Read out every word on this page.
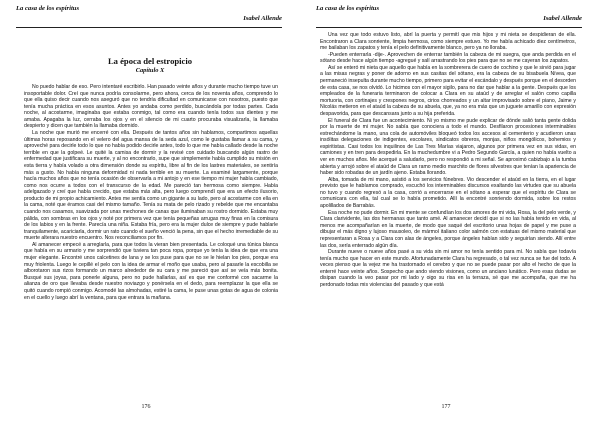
La casa de los espíritus
Isabel Allende
La época del estropicio
Capítulo X

No puedo hablar de eso. Pero intentaré escribirlo. Han pasado veinte años y durante mucho tiempo tuve un insoportable dolor. Creí que nunca podría consolarme, pero ahora, cerca de los noventa años, comprendo lo que ella quiso decir cuando nos aseguró que no tendría dificultad en comunicarse con nosotros, puesto que tenía mucha práctica en esos asuntos. Antes yo andaba como perdido, buscándola por todas partes. Cada noche, al acostarme, imaginaba que estaba conmigo, tal como era cuando tenía todos sus dientes y me amaba. Apagaba la luz, cerraba los ojos y en el silencio de mi cuarto procuraba visualizarla, la llamaba despierto y dicen que también la llamaba dormido.

La noche que murió me encerré con ella. Después de tantos años sin hablarnos, compartimos aquellas últimas horas reposando en el velero del agua mansa de la seda azul, como le gustaba llamar a su cama, y aproveché para decirle todo lo que no había podido decirle antes, todo lo que me había callado desde la noche terrible en que la golpeé. Le quité la camisa de dormir y la revisé con cuidado buscando algún rastro de enfermedad que justificara su muerte, y al no encontrarlo, supe que simplemente había cumplido su misión en esta tierra y había volado a otra dimensión donde su espíritu, libre al fin de los lastres materiales, se sentiría más a gusto. No había ninguna deformidad ni nada terrible en su muerte. La examiné largamente, porque hacía muchos años que no tenía ocasión de observarla a mi antojo y en ese tiempo mi mujer había cambiado, como nos ocurre a todos con el transcurso de la edad. Me pareció tan hermosa como siempre. Había adelgazado y creí que había crecido, que estaba más alta, pero luego comprendí que era un efecto ilusorio, producto de mi propio achicamiento. Antes me sentía como un gigante a su lado, pero al acostarme con ella en la cama, noté que éramos casi del mismo tamaño. Tenía su mata de pelo rizado y rebelde que me encantaba cuando nos casamos, suavizada por unas mechones de canas que iluminaban su rostro dormido. Estaba muy pálida, con sombras en los ojos y noté por primera vez que tenía pequeñas arrugas muy finas en la comisura de los labios y en la frente. Parecía una niña. Estaba fría, pero era la mujer dulce de siempre y pude hablarle tranquilamente, acariciarla, dormir un rato cuando el sueño venció la pena, sin que el hecho irremediable de su muerte alterara nuestro encuentro. Nos reconciliamos por fin.

Al amanecer empecé a arreglarla, para que todos la vieran bien presentada. Le coloqué una túnica blanca que había en su armario y me sorprendió que tuviera tan poca ropa, porque yo tenía la idea de que era una mujer elegante. Encontré unos calcetines de lana y se los puse para que no se le hielan los pies, porque era muy friolenta. Luego le cepillé el pelo con la idea de armar el moño que usaba, pero al pasarle la escobilla se alborotaron sus rizos formando un marco alrededor de su cara y me pareció que así se veía más bonita. Busqué sus joyas, para ponerle alguna, pero no pude hallarlas, así es que me conformé con sacarme la alianza de oro que llevaba desde nuestro noviazgo y ponérsela en el dedo, para reemplazar la que ella se quitó cuando rompió conmigo. Acomodé las almohadas, estiré la cama, le puse unas gotas de agua de colonia en el cuello y luego abrí la ventana, para que entrara la mañana.

176
La casa de los espíritus
Isabel Allende

Una vez que todo estuvo listo, abrí la puerta y permití que mis hijos y mi nieta se despidieran de ella. Encontraron a Clara sonriente, limpia hermosa, como siempre estuvo. Yo me había achicado diez centímetros, me bailaban los zapatos y tenía el pelo definitivamente blanco, pero ya no lloraba.

-Pueden enterrarla -dije-. Aprovechen de enterrar también la cabeza de mi suegra, que anda perdida en el sótano desde hace algún tiempo -agregué y salí arrastrando los pies para que no se me cayeran los zapatos.

Así se enteró mi nieta que aquello que había en la sombrerera de cuero de cochino y que le sirvió para jugar a las misas negras y poner de adorno en sus casitas del sótano, era la cabeza de su bisabuela Nívea, que permaneció insepulta durante mucho tiempo, primero para evitar el escándalo y después porque en el desorden de esta casa, se nos olvidó. Lo hicimos con el mayor sigilo, para no dar que hablar a la gente. Después que los empleados de la funeraria terminaron de colocar a Clara en su ataúd y de arreglar el salón como capilla mortuoria, con cortinajes y crespones negros, cirios chorreados y un altar improvisado sobre el piano, Jaime y Nicolás metieron en el ataúd la cabeza de su abuela, que, ya no era más que un juguete amarillo con expresión despavorida, para que descansara junto a su hija preferida.

El funeral de Clara fue un acontecimiento. Ni yo mismo me pude explicar de dónde salió tanta gente dolida por la muerte de mi mujer. No sabía que conociera a todo el mundo. Desfilaron procesiones interminables estrechándome la mano, una cola de automóviles bloqueó todos los accesos al cementerio y acudieron unas insólitas delegaciones de indigentes, escolares, sindicatos obreros, monjas, niños mongólicos, bohemios y espiritistas. Casi todos los inquilinos de Las Tres Marías viajaron, algunos por primera vez en sus vidas, en camiones y en tren para despedirla. En la muchedumbre vi a Pedro Segundo García, a quien no había vuelto a ver en muchos años. Me acerqué a saludarlo, pero no respondió a mi señal. Se aproximó cabizbajo a la tumba abierta y arrojó sobre el ataúd de Clara un ramo medio marchito de flores silvestres que tenían la apariencia de haber sido robadas de un jardín ajeno. Estaba llorando.

Alba, tomada de mi mano, asistió a los servicios fúnebres. Vio descender el ataúd en la tierra, en el lugar previsto que le habíamos comprado, escuchó los interminables discursos exaltando las virtudes que su abuela no tuvo y cuando regresó a la casa, corrió a encerrarse en el sótano a esperar que el espíritu de Clara se comunicara con ella, tal cual se lo había prometido. Allí la encontré sonriendo dormida, sobre los restos apolillados de Barrabás.

Esa noche no pude dormir. En mi mente se confundían los dos amores de mi vida, Rosa, la del pelo verde, y Clara clarividente, las dos hermanas que tanto amé. Al amanecer decidí que si no las había tenido en vida, al menos me acompañarían en la muerte, de modo que saqué del escritorio unas hojas de papel y me puse a dibujar el más digno y lujoso mausoleo, de mármol italiano color salmón con estatuas del mismo material que representaran a Rosa y a Clara con alas de ángeles, porque ángeles habían sido y seguirían siendo. Allí entre las dos, sería enterrado algún día.

Durante nueve o nueve años pasé a su vida sin mi amor no tenía sentido para mí. No sabía que todavía tenía mucho que hacer en este mundo. Afortunadamente Clara ha regresado, o tal vez nunca se fue del todo. A veces pienso que la vejez me ha trastornado el cerebro y que no se puede pasar por alto el hecho de que la enterré hace veinte años. Sospecho que ando viendo visiones, como un anciano lunático. Pero esas dudas se disipan cuando la veo pasar por mi lado y oigo su risa en la terraza, sé que me acompaña, que me ha perdonado todas mis violencias del pasado y que está

177
